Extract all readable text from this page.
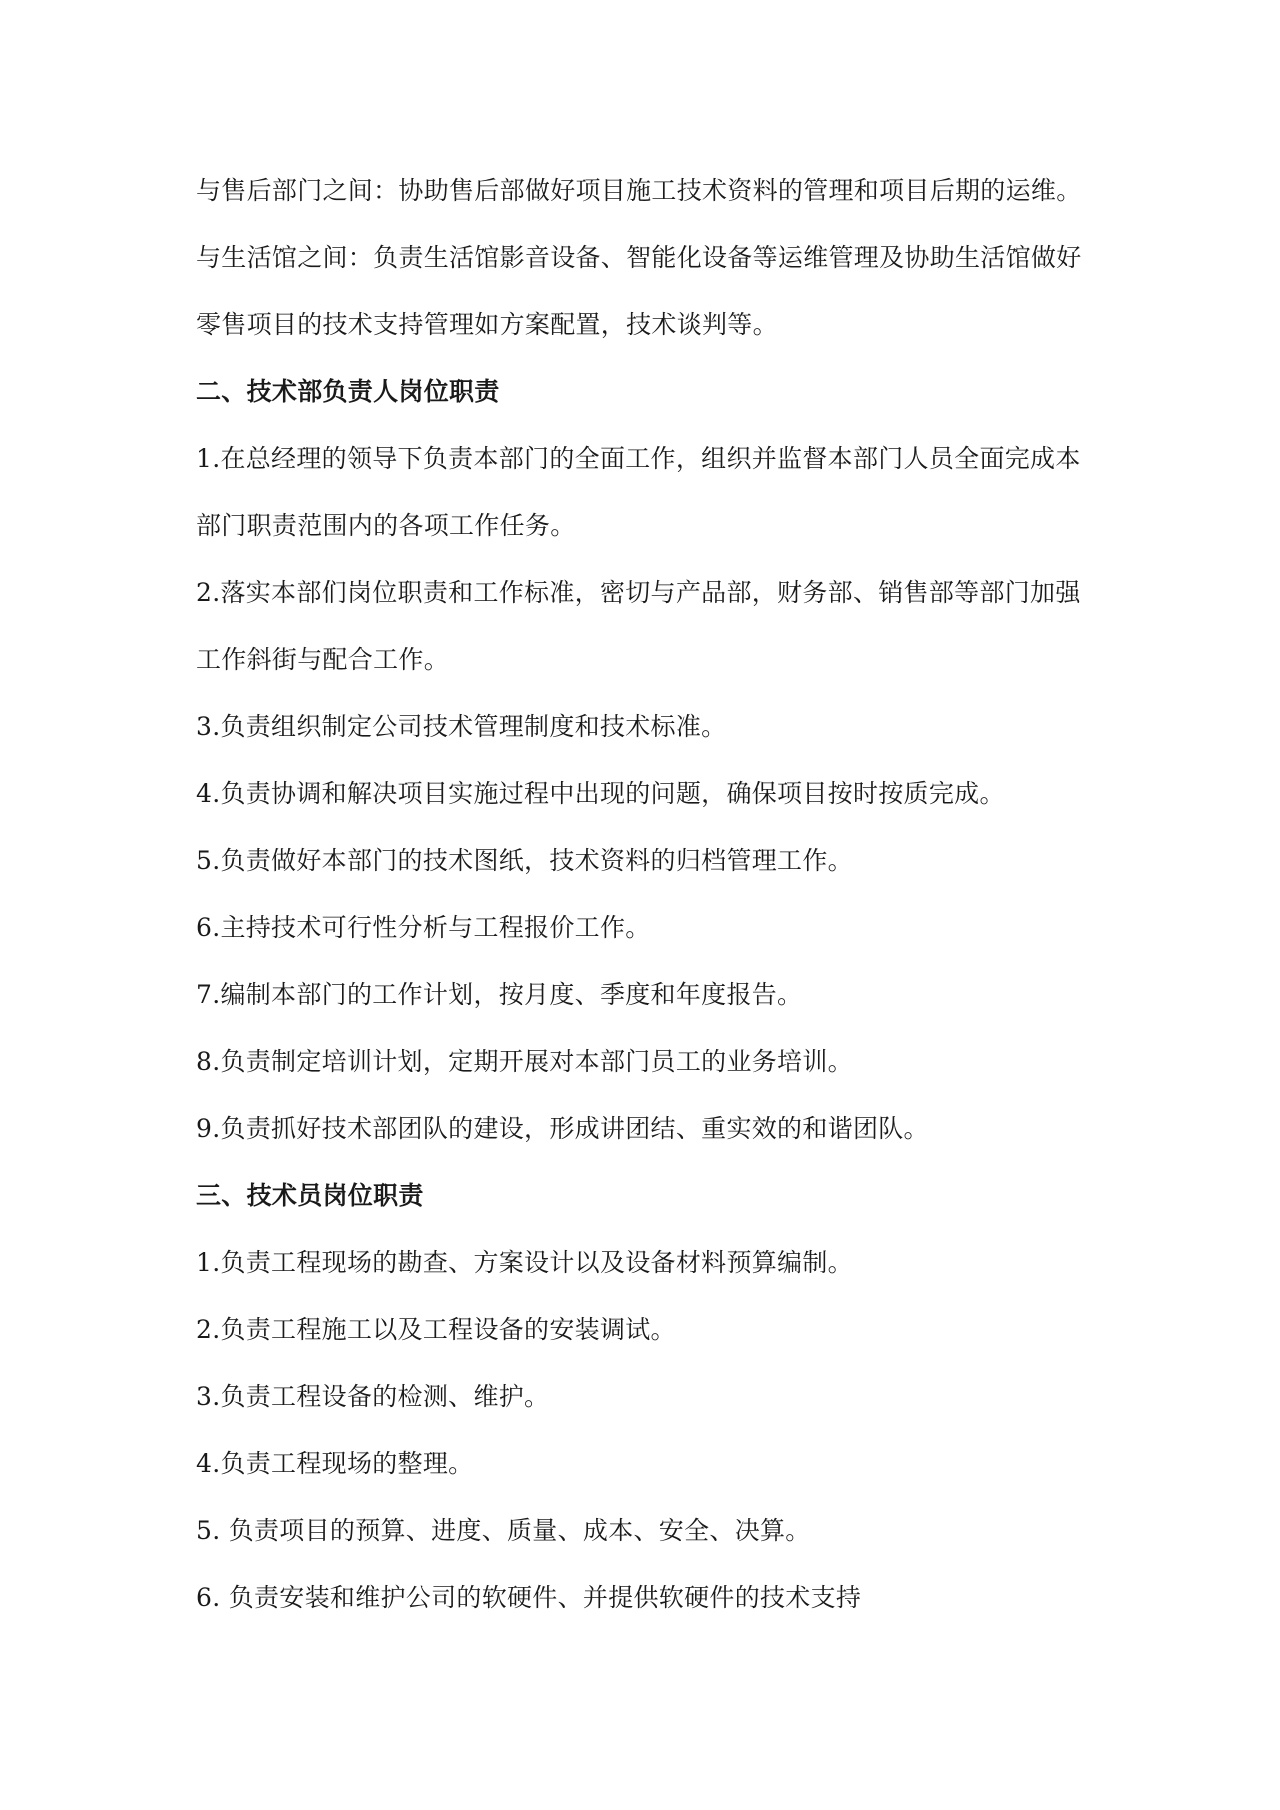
与售后部门之间：协助售后部做好项目施工技术资料的管理和项目后期的运维。
与生活馆之间：负责生活馆影音设备、智能化设备等运维管理及协助生活馆做好
零售项目的技术支持管理如方案配置，技术谈判等。
二、技术部负责人岗位职责
1.在总经理的领导下负责本部门的全面工作，组织并监督本部门人员全面完成本
部门职责范围内的各项工作任务。
2.落实本部们岗位职责和工作标准，密切与产品部，财务部、销售部等部门加强
工作斜街与配合工作。
3.负责组织制定公司技术管理制度和技术标准。
4.负责协调和解决项目实施过程中出现的问题，确保项目按时按质完成。
5.负责做好本部门的技术图纸，技术资料的归档管理工作。
6.主持技术可行性分析与工程报价工作。
7.编制本部门的工作计划，按月度、季度和年度报告。
8.负责制定培训计划，定期开展对本部门员工的业务培训。
9.负责抓好技术部团队的建设，形成讲团结、重实效的和谐团队。
三、技术员岗位职责
1.负责工程现场的勘查、方案设计以及设备材料预算编制。
2.负责工程施工以及工程设备的安装调试。
3.负责工程设备的检测、维护。
4.负责工程现场的整理。
5. 负责项目的预算、进度、质量、成本、安全、决算。
6. 负责安装和维护公司的软硬件、并提供软硬件的技术支持
